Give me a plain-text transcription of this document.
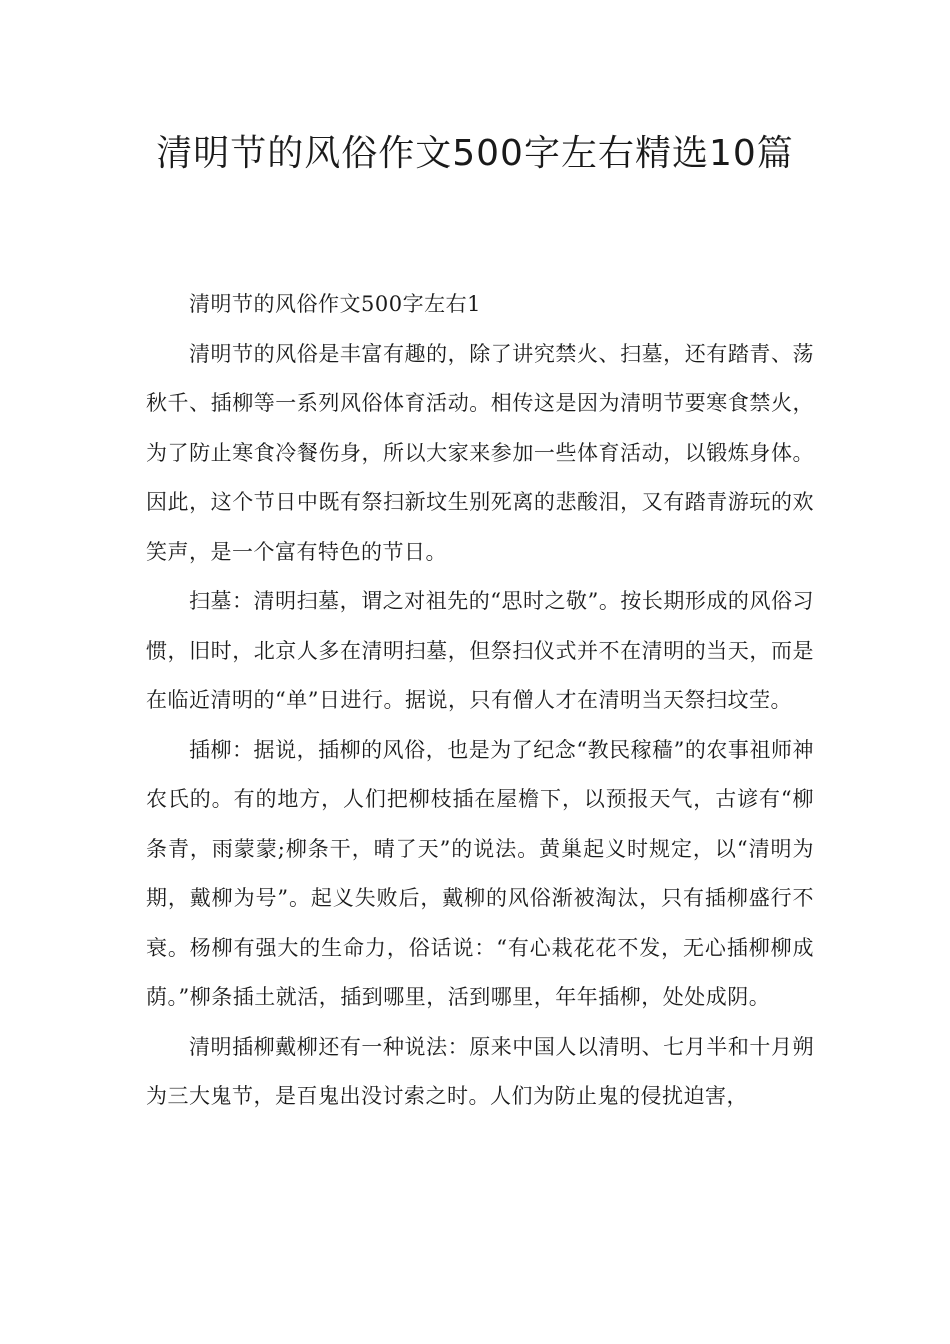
清明节的风俗作文500字左右精选10篇

清明节的风俗作文500字左右1

清明节的风俗是丰富有趣的，除了讲究禁火、扫墓，还有踏青、荡秋千、插柳等一系列风俗体育活动。相传这是因为清明节要寒食禁火，为了防止寒食冷餐伤身，所以大家来参加一些体育活动，以锻炼身体。因此，这个节日中既有祭扫新坟生别死离的悲酸泪，又有踏青游玩的欢笑声，是一个富有特色的节日。

扫墓：清明扫墓，谓之对祖先的“思时之敬”。按长期形成的风俗习惯，旧时，北京人多在清明扫墓，但祭扫仪式并不在清明的当天，而是在临近清明的“单”日进行。据说，只有僧人才在清明当天祭扫坟茔。

插柳：据说，插柳的风俗，也是为了纪念“教民稼穑”的农事祖师神农氏的。有的地方，人们把柳枝插在屋檐下，以预报天气，古谚有“柳条青，雨蒙蒙;柳条干，晴了天”的说法。黄巢起义时规定，以“清明为期，戴柳为号”。起义失败后，戴柳的风俗渐被淘汰，只有插柳盛行不衰。杨柳有强大的生命力，俗话说：“有心栽花花不发，无心插柳柳成荫。”柳条插土就活，插到哪里，活到哪里，年年插柳，处处成阴。

清明插柳戴柳还有一种说法：原来中国人以清明、七月半和十月朔为三大鬼节，是百鬼出没讨索之时。人们为防止鬼的侵扰迫害，
